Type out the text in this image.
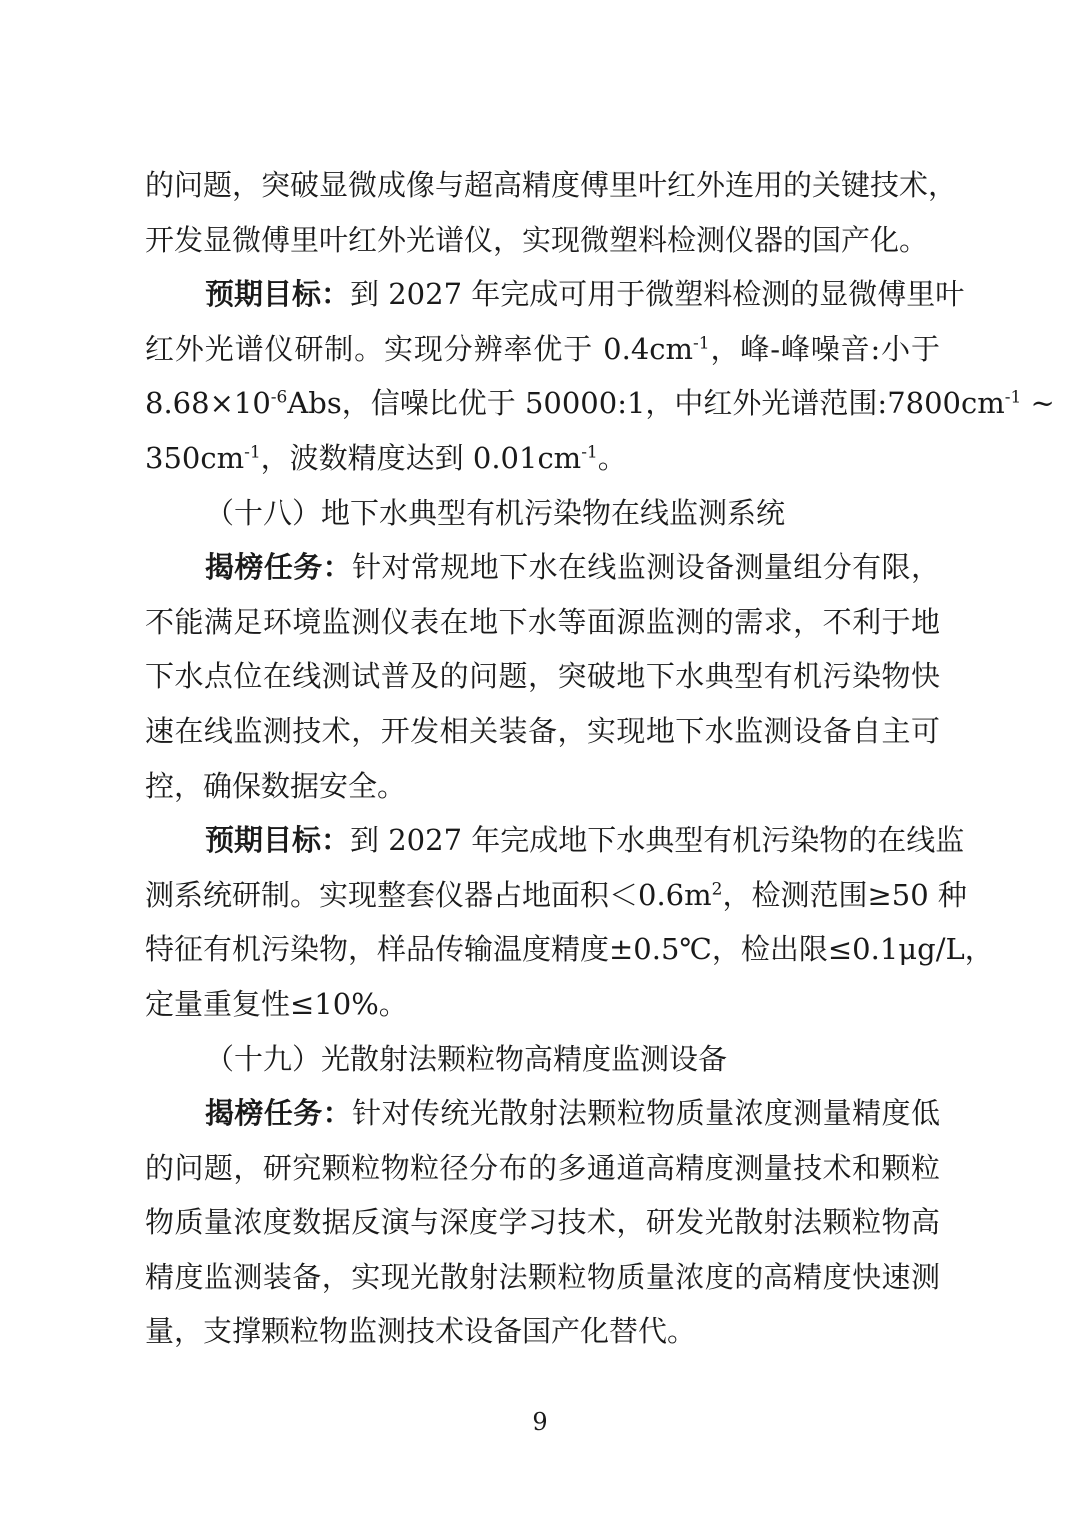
的问题，突破显微成像与超高精度傅里叶红外连用的关键技术，
开发显微傅里叶红外光谱仪，实现微塑料检测仪器的国产化。
预期目标：到 2027 年完成可用于微塑料检测的显微傅里叶
红外光谱仪研制。实现分辨率优于 $0.4cm^{-1}$，峰-峰噪音:小于
$8.68\times 10^{-6}Abs$，信噪比优于 50000:1，中红外光谱范围$:7800cm^{-1}$ ~
$350cm^{-1}$，波数精度达到 $0.01cm^{-1}$。
（十八）地下水典型有机污染物在线监测系统
揭榜任务：针对常规地下水在线监测设备测量组分有限，
不能满足环境监测仪表在地下水等面源监测的需求，不利于地
下水点位在线测试普及的问题，突破地下水典型有机污染物快
速在线监测技术，开发相关装备，实现地下水监测设备自主可
控，确保数据安全。
预期目标：到 2027 年完成地下水典型有机污染物的在线监
测系统研制。实现整套仪器占地面积$<0.6m^2$，检测范围≥50 种
特征有机污染物，样品传输温度精度±0.5℃，检出限≤0.1μg/L，
定量重复性≤10%。
（十九）光散射法颗粒物高精度监测设备
揭榜任务：针对传统光散射法颗粒物质量浓度测量精度低
的问题，研究颗粒物粒径分布的多通道高精度测量技术和颗粒
物质量浓度数据反演与深度学习技术，研发光散射法颗粒物高
精度监测装备，实现光散射法颗粒物质量浓度的高精度快速测
量，支撑颗粒物监测技术设备国产化替代。
9
